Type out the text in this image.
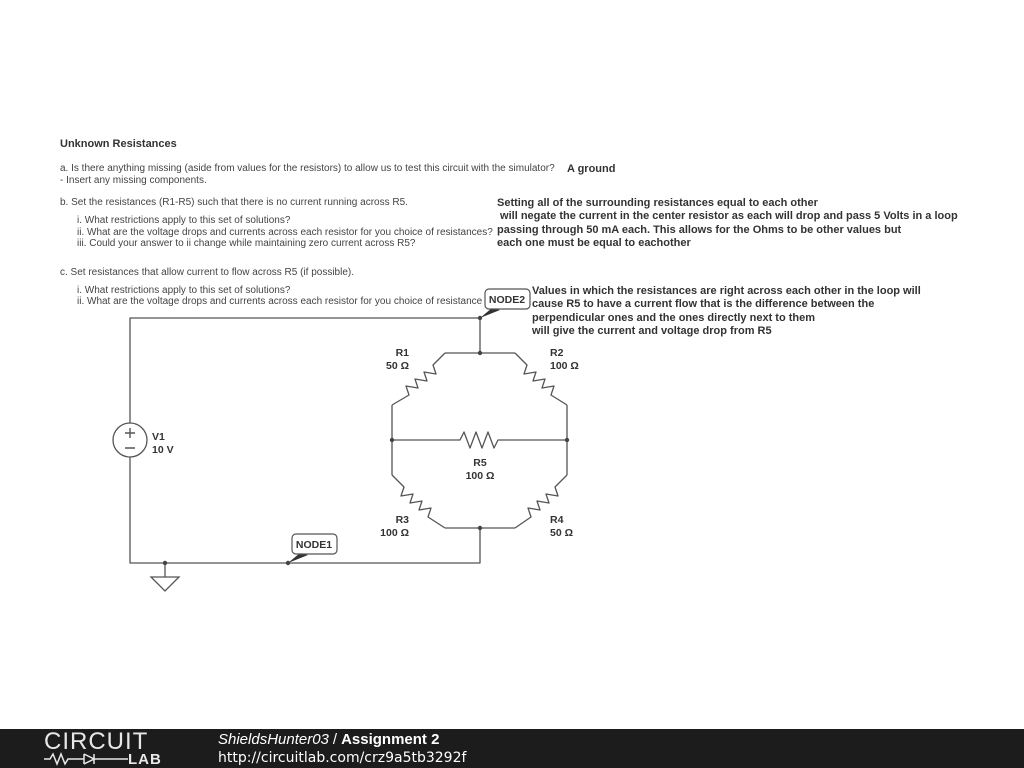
Unknown Resistances
a. Is there anything missing (aside from values for the resistors) to allow us to test this circuit with the simulator?
- Insert any missing components.
A ground
b. Set the resistances (R1-R5) such that there is no current running across R5.
i. What restrictions apply to this set of solutions?
ii. What are the voltage drops and currents across each resistor for you choice of resistances?
iii. Could your answer to ii change while maintaining zero current across R5?
Setting all of the surrounding resistances equal to each other
will negate the current in the center resistor as each will drop and pass 5 Volts in a loop
passing through 50 mA each. This allows for the Ohms to be other values but
each one must be equal to eachother
c. Set resistances that allow current to flow across R5 (if possible).
i. What restrictions apply to this set of solutions?
ii. What are the voltage drops and currents across each resistor for you choice of resistance
Values in which the resistances are right across each other in the loop will
cause R5 to have a current flow that is the difference between the
perpendicular ones and the ones directly next to them
will give the current and voltage drop from R5
NODE2
NODE1
V1
10 V
R1
50 Ω
R2
100 Ω
R5
100 Ω
R3
100 Ω
R4
50 Ω
CIRCUIT
LAB
ShieldsHunter03 / Assignment 2
http://circuitlab.com/crz9a5tb3292f
